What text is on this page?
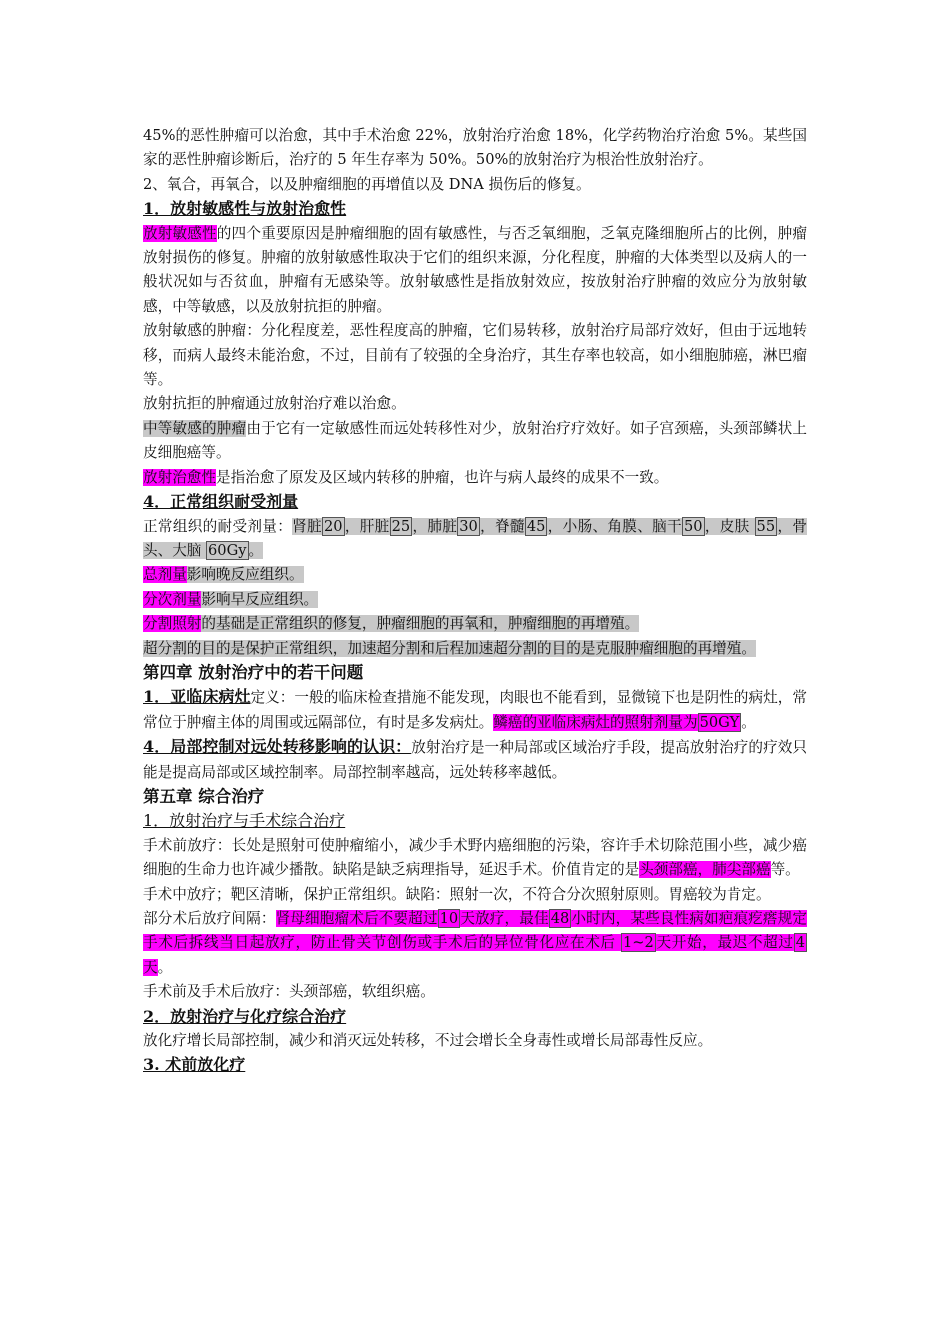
45%的恶性肿瘤可以治愈，其中手术治愈 22%，放射治疗治愈 18%，化学药物治疗治愈 5%。某些国家的恶性肿瘤诊断后，治疗的 5 年生存率为 50%。50%的放射治疗为根治性放射治疗。

2、氧合，再氧合，以及肿瘤细胞的再增值以及 DNA 损伤后的修复。

1．放射敏感性与放射治愈性

放射敏感性的四个重要原因是肿瘤细胞的固有敏感性，与否乏氧细胞，乏氧克隆细胞所占的比例，肿瘤放射损伤的修复。肿瘤的放射敏感性取决于它们的组织来源，分化程度，肿瘤的大体类型以及病人的一般状况如与否贫血，肿瘤有无感染等。放射敏感性是指放射效应，按放射治疗肿瘤的效应分为放射敏感，中等敏感，以及放射抗拒的肿瘤。

放射敏感的肿瘤：分化程度差，恶性程度高的肿瘤，它们易转移，放射治疗局部疗效好，但由于远地转移，而病人最终未能治愈，不过，目前有了较强的全身治疗，其生存率也较高，如小细胞肺癌，淋巴瘤等。

放射抗拒的肿瘤通过放射治疗难以治愈。

中等敏感的肿瘤由于它有一定敏感性而远处转移性对少，放射治疗疗效好。如子宫颈癌，头颈部鳞状上皮细胞癌等。

放射治愈性是指治愈了原发及区域内转移的肿瘤，也许与病人最终的成果不一致。

4．正常组织耐受剂量

正常组织的耐受剂量：肾脏 20 ，肝脏 25 ，肺脏 30 ，脊髓 45 ，小肠、角膜、脑干 50 ，皮肤 55 ，骨头、大脑 60Gy 。

总剂量影响晚反应组织。

分次剂量影响早反应组织。

分割照射的基础是正常组织的修复，肿瘤细胞的再氧和，肿瘤细胞的再增殖。

超分割的目的是保护正常组织，加速超分割和后程加速超分割的目的是克服肿瘤细胞的再增殖。

第四章 放射治疗中的若干问题

1．亚临床病灶定义：一般的临床检查措施不能发现，肉眼也不能看到，显微镜下也是阴性的病灶，常常位于肿瘤主体的周围或远隔部位，有时是多发病灶。鳞癌的亚临床病灶的照射剂量为 50GY 。

4．局部控制对远处转移影响的认识：放射治疗是一种局部或区域治疗手段，提高放射治疗的疗效只能是提高局部或区域控制率。局部控制率越高，远处转移率越低。

第五章 综合治疗

1．放射治疗与手术综合治疗

手术前放疗：长处是照射可使肿瘤缩小，减少手术野内癌细胞的污染，容许手术切除范围小些，减少癌细胞的生命力也许减少播散。缺陷是缺乏病理指导，延迟手术。价值肯定的是头颈部癌，肺尖部癌等。

手术中放疗；靶区清晰，保护正常组织。缺陷：照射一次，不符合分次照射原则。胃癌较为肯定。

部分术后放疗间隔：肾母细胞瘤术后不要超过 10 天放疗，最佳 48 小时内，某些良性病如疤痕疙瘩规定手术后拆线当日起放疗，防止骨关节创伤或手术后的异位骨化应在术后 1~2 天开始，最迟不超过 4天。

手术前及手术后放疗：头颈部癌，软组织癌。

2．放射治疗与化疗综合治疗

放化疗增长局部控制，减少和消灭远处转移，不过会增长全身毒性或增长局部毒性反应。

3. 术前放化疗
